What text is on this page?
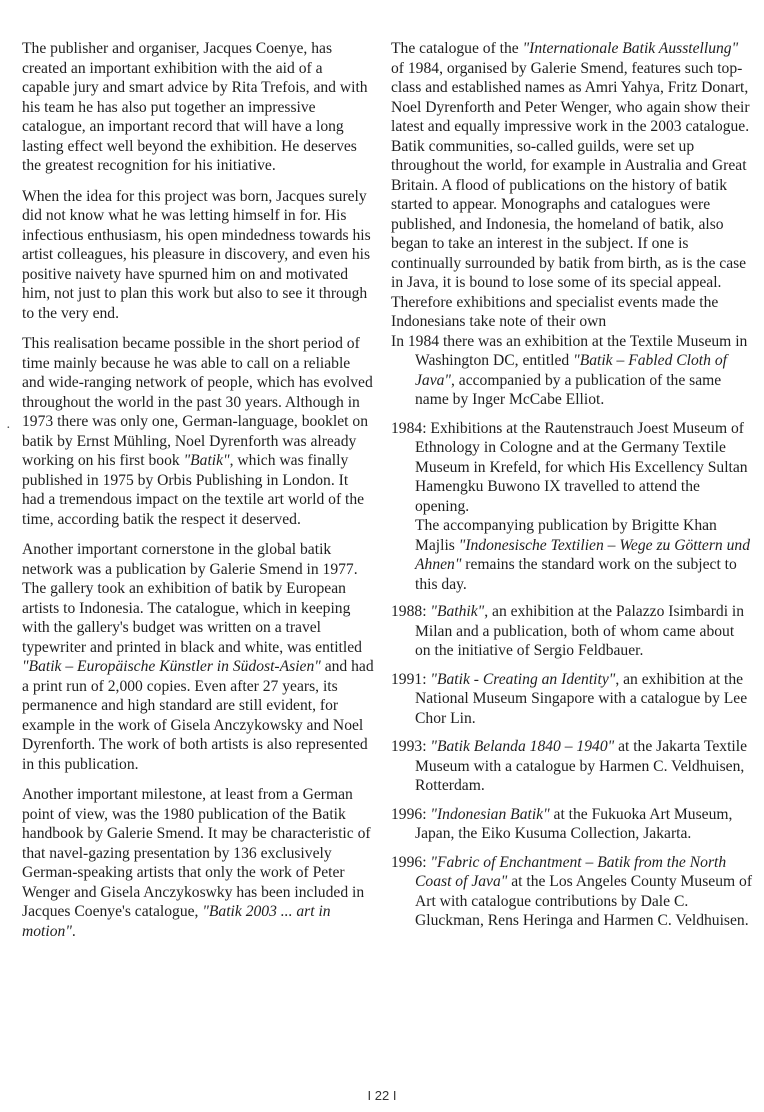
·

The publisher and organiser, Jacques Coenye, has created an important exhibition with the aid of a capable jury and smart advice by Rita Trefois, and with his team he has also put together an impressive catalogue, an important record that will have a long lasting effect well beyond the exhibition. He deserves the greatest recognition for his initiative.

When the idea for this project was born, Jacques surely did not know what he was letting himself in for. His infectious enthusiasm, his open mindedness towards his artist colleagues, his pleasure in discovery, and even his positive naivety have spurned him on and motivated him, not just to plan this work but also to see it through to the very end.

This realisation became possible in the short period of time mainly because he was able to call on a reliable and wide-ranging network of people, which has evolved throughout the world in the past 30 years. Although in 1973 there was only one, German-language, booklet on batik by Ernst Mühling, Noel Dyrenforth was already working on his first book "Batik", which was finally published in 1975 by Orbis Publishing in London. It had a tremendous impact on the textile art world of the time, according batik the respect it deserved.

Another important cornerstone in the global batik network was a publication by Galerie Smend in 1977. The gallery took an exhibition of batik by European artists to Indonesia. The catalogue, which in keeping with the gallery's budget was written on a travel typewriter and printed in black and white, was entitled "Batik – Europäische Künstler in Südost-Asien" and had a print run of 2,000 copies. Even after 27 years, its permanence and high standard are still evident, for example in the work of Gisela Anczykowsky and Noel Dyrenforth. The work of both artists is also represented in this publication.

Another important milestone, at least from a German point of view, was the 1980 publication of the Batik handbook by Galerie Smend. It may be characteristic of that navel-gazing presentation by 136 exclusively German-speaking artists that only the work of Peter Wenger and Gisela Anczykoswky has been included in Jacques Coenye's catalogue, "Batik 2003 ... art in motion".

The catalogue of the "Internationale Batik Ausstellung" of 1984, organised by Galerie Smend, features such top-class and established names as Amri Yahya, Fritz Donart, Noel Dyrenforth and Peter Wenger, who again show their latest and equally impressive work in the 2003 catalogue.

Batik communities, so-called guilds, were set up throughout the world, for example in Australia and Great Britain. A flood of publications on the history of batik started to appear. Monographs and catalogues were published, and Indonesia, the homeland of batik, also began to take an interest in the subject. If one is continually surrounded by batik from birth, as is the case in Java, it is bound to lose some of its special appeal.

Therefore exhibitions and specialist events made the Indonesians take note of their own

In 1984 there was an exhibition at the Textile Museum in Washington DC, entitled "Batik – Fabled Cloth of Java", accompanied by a publication of the same name by Inger McCabe Elliot.

1984: Exhibitions at the Rautenstrauch Joest Museum of Ethnology in Cologne and at the Germany Textile Museum in Krefeld, for which His Excellency Sultan Hamengku Buwono IX travelled to attend the opening.

The accompanying publication by Brigitte Khan Majlis "Indonesische Textilien – Wege zu Göttern und Ahnen" remains the standard work on the subject to this day.

1988: "Bathik", an exhibition at the Palazzo Isimbardi in Milan and a publication, both of whom came about on the initiative of Sergio Feldbauer.

1991: "Batik - Creating an Identity", an exhibition at the National Museum Singapore with a catalogue by Lee Chor Lin.

1993: "Batik Belanda 1840 – 1940" at the Jakarta Textile Museum with a catalogue by Harmen C. Veldhuisen, Rotterdam.

1996: "Indonesian Batik" at the Fukuoka Art Museum, Japan, the Eiko Kusuma Collection, Jakarta.

1996: "Fabric of Enchantment – Batik from the North Coast of Java" at the Los Angeles County Museum of Art with catalogue contributions by Dale C. Gluckman, Rens Heringa and Harmen C. Veldhuisen.

I 22 I
